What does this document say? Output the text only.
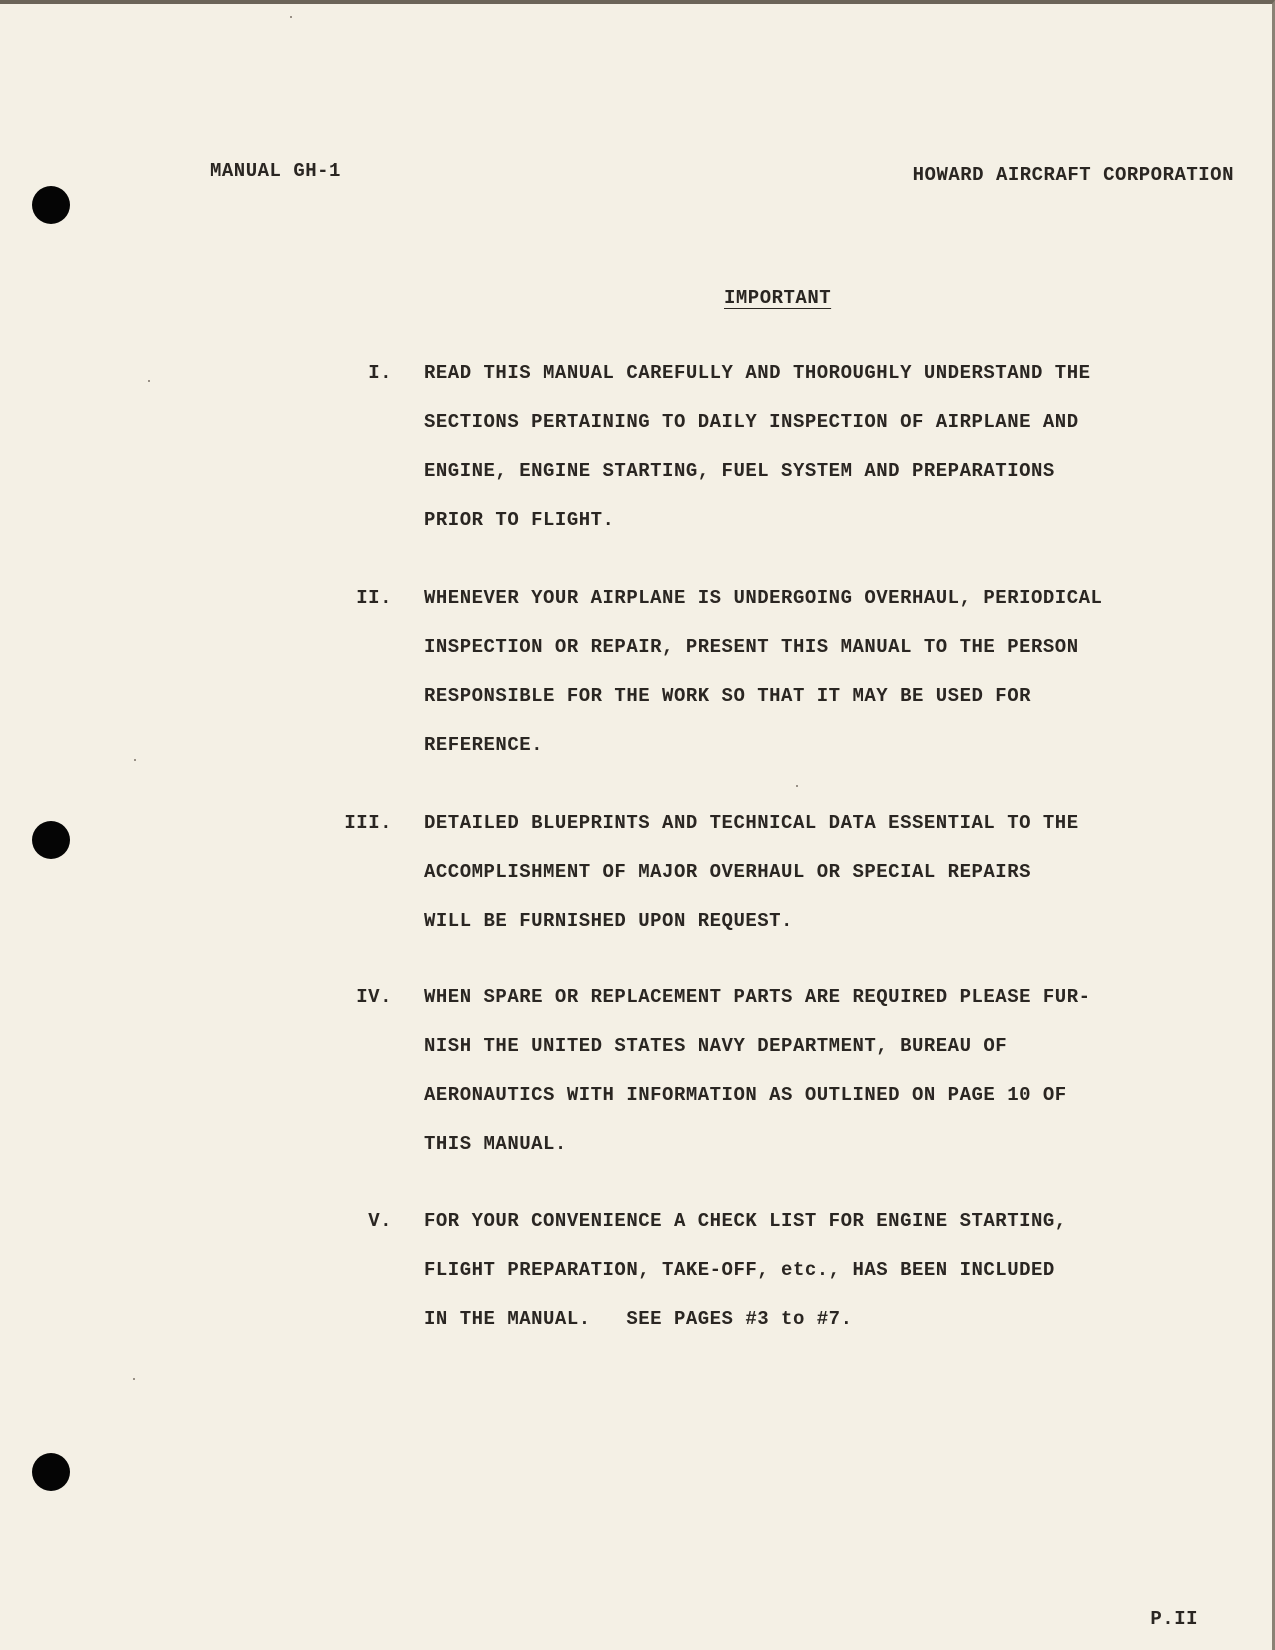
MANUAL GH-1	HOWARD AIRCRAFT CORPORATION
IMPORTANT
I. READ THIS MANUAL CAREFULLY AND THOROUGHLY UNDERSTAND THE
SECTIONS PERTAINING TO DAILY INSPECTION OF AIRPLANE AND
ENGINE, ENGINE STARTING, FUEL SYSTEM AND PREPARATIONS
PRIOR TO FLIGHT.
II. WHENEVER YOUR AIRPLANE IS UNDERGOING OVERHAUL, PERIODICAL
INSPECTION OR REPAIR, PRESENT THIS MANUAL TO THE PERSON
RESPONSIBLE FOR THE WORK SO THAT IT MAY BE USED FOR
REFERENCE.
III. DETAILED BLUEPRINTS AND TECHNICAL DATA ESSENTIAL TO THE
ACCOMPLISHMENT OF MAJOR OVERHAUL OR SPECIAL REPAIRS
WILL BE FURNISHED UPON REQUEST.
IV. WHEN SPARE OR REPLACEMENT PARTS ARE REQUIRED PLEASE FUR-
NISH THE UNITED STATES NAVY DEPARTMENT, BUREAU OF
AERONAUTICS WITH INFORMATION AS OUTLINED ON PAGE 10 OF
THIS MANUAL.
V. FOR YOUR CONVENIENCE A CHECK LIST FOR ENGINE STARTING,
FLIGHT PREPARATION, TAKE-OFF, etc., HAS BEEN INCLUDED
IN THE MANUAL.   SEE PAGES #3 to #7.
P.II
